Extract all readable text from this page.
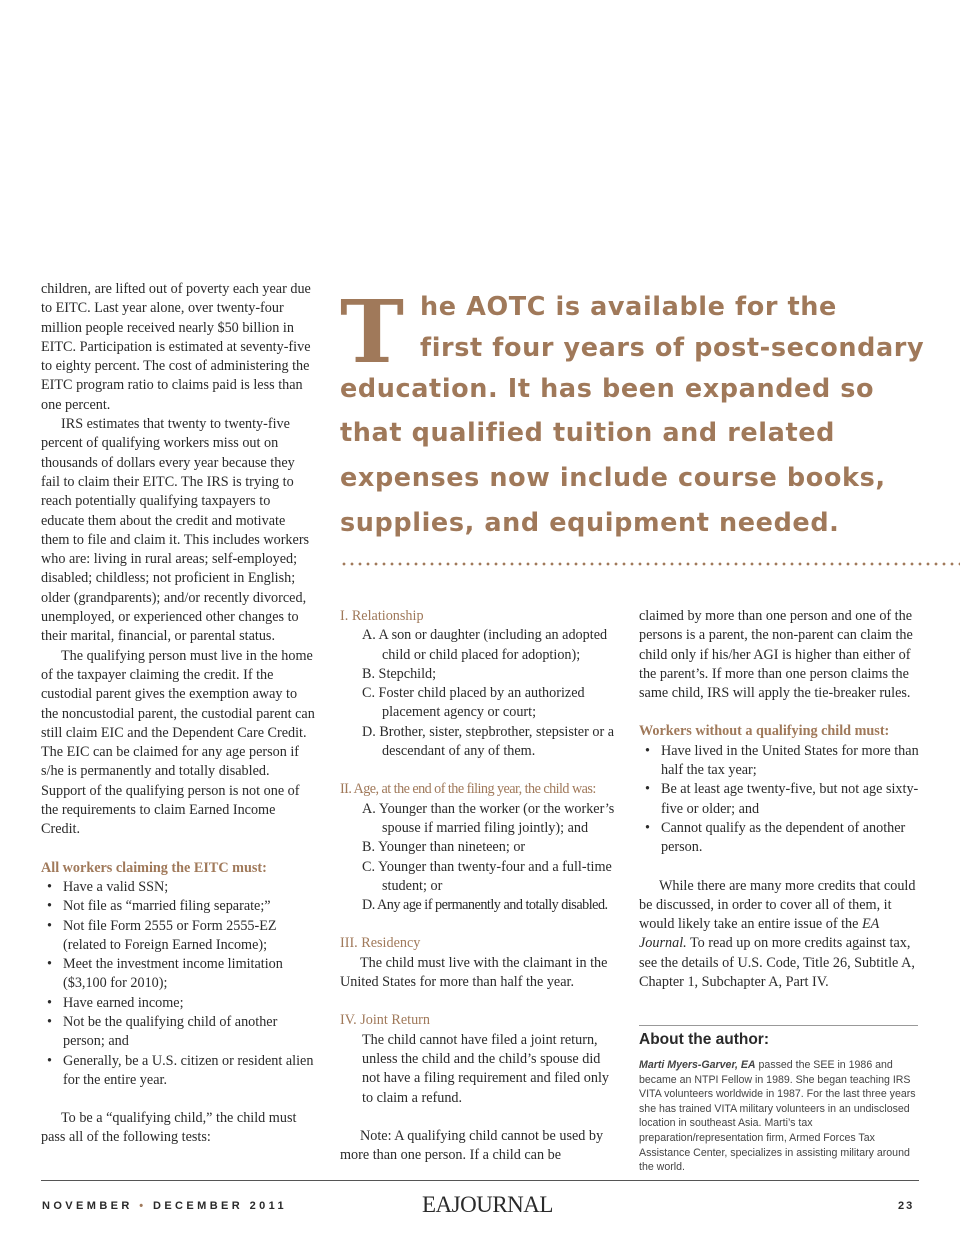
children, are lifted out of poverty each year due to EITC. Last year alone, over twenty-four million people received nearly $50 billion in EITC. Participation is estimated at seventy-five to eighty percent. The cost of administering the EITC program ratio to claims paid is less than one percent.

IRS estimates that twenty to twenty-five percent of qualifying workers miss out on thousands of dollars every year because they fail to claim their EITC. The IRS is trying to reach potentially qualifying taxpayers to educate them about the credit and motivate them to file and claim it. This includes workers who are: living in rural areas; self-employed; disabled; childless; not proficient in English; older (grandparents); and/or recently divorced, unemployed, or experienced other changes to their marital, financial, or parental status.

The qualifying person must live in the home of the taxpayer claiming the credit. If the custodial parent gives the exemption away to the noncustodial parent, the custodial parent can still claim EIC and the Dependent Care Credit. The EIC can be claimed for any age person if s/he is permanently and totally disabled. Support of the qualifying person is not one of the requirements to claim Earned Income Credit.

All workers claiming the EITC must:

• Have a valid SSN;
• Not file as “married filing separate;”
• Not file Form 2555 or Form 2555-EZ (related to Foreign Earned Income);
• Meet the investment income limitation ($3,100 for 2010);
• Have earned income;
• Not be the qualifying child of another person; and
• Generally, be a U.S. citizen or resident alien for the entire year.

To be a “qualifying child,” the child must pass all of the following tests:

T he AOTC is available for the
first four years of post-secondary
education. It has been expanded so
that qualified tuition and related
expenses now include course books,
supplies, and equipment needed.

I. Relationship

A. A son or daughter (including an adopted child or child placed for adoption);

B. Stepchild;

C. Foster child placed by an authorized placement agency or court;

D. Brother, sister, stepbrother, stepsister or a descendant of any of them.

II. Age, at the end of the filing year, the child was:

A. Younger than the worker (or the worker’s spouse if married filing jointly); and

B. Younger than nineteen; or

C. Younger than twenty-four and a full-time student; or

D. Any age if permanently and totally disabled.

III. Residency

The child must live with the claimant in the United States for more than half the year.

IV. Joint Return

The child cannot have filed a joint return, unless the child and the child’s spouse did not have a filing requirement and filed only to claim a refund.

Note: A qualifying child cannot be used by more than one person. If a child can be

claimed by more than one person and one of the persons is a parent, the non-parent can claim the child only if his/her AGI is higher than either of the parent’s. If more than one person claims the same child, IRS will apply the tie-breaker rules.

Workers without a qualifying child must:

• Have lived in the United States for more than half the tax year;
• Be at least age twenty-five, but not age sixty-five or older; and
• Cannot qualify as the dependent of another person.

While there are many more credits that could be discussed, in order to cover all of them, it would likely take an entire issue of the EA Journal. To read up on more credits against tax, see the details of U.S. Code, Title 26, Subtitle A, Chapter 1, Subchapter A, Part IV.

About the author:
Marti Myers-Garver, EA passed the SEE in 1986 and became an NTPI Fellow in 1989. She began teaching IRS VITA volunteers worldwide in 1987. For the last three years she has trained VITA military volunteers in an undisclosed location in southeast Asia. Marti’s tax preparation/representation firm, Armed Forces Tax Assistance Center, specializes in assisting military around the world.
NOVEMBER • DECEMBER 2011	EAJOURNAL	23
